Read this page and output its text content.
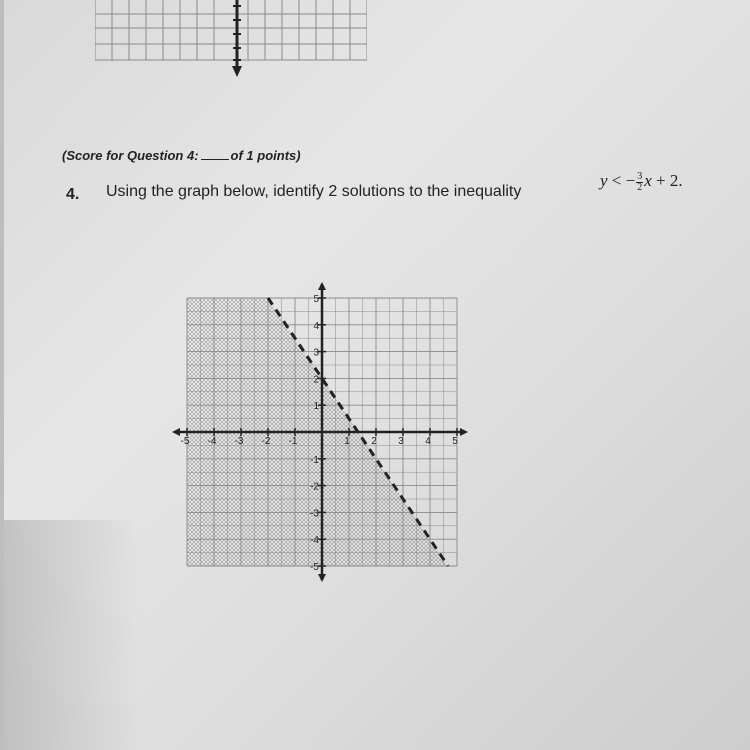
(Score for Question 4: of 1 points)
4. Using the graph below, identify 2 solutions to the inequality
y < − $\frac{3}{2}$ x + 2.
-5 -4 -3 -2 -1	1 2 3 4 5
5
4
3
2
1
-1
-2
-3
-4
-5
